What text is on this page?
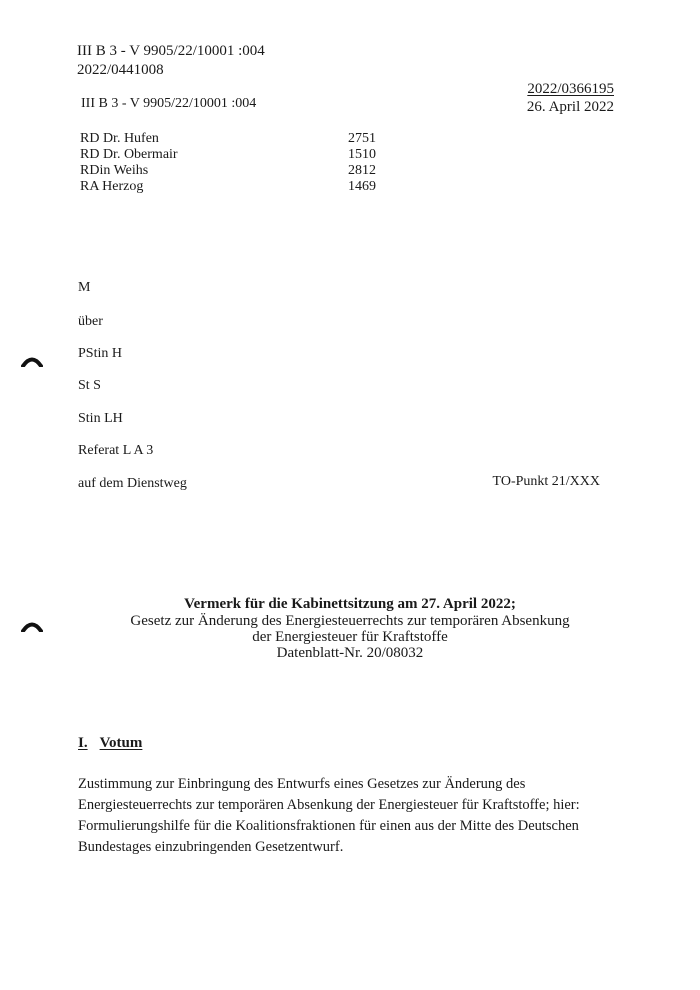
III B 3 - V 9905/22/10001 :004
2022/0441008
2022/0366195
26. April 2022
III B 3 - V 9905/22/10001 :004
RD Dr. Hufen	2751
RD Dr. Obermair	1510
RDin Weihs	2812
RA Herzog	1469
M
über
PStin H
St S
Stin LH
Referat L A 3
auf dem Dienstweg	TO-Punkt 21/XXX
Vermerk für die Kabinettsitzung am 27. April 2022;
Gesetz zur Änderung des Energiesteuerrechts zur temporären Absenkung
der Energiesteuer für Kraftstoffe
Datenblatt-Nr. 20/08032
I. Votum
Zustimmung zur Einbringung des Entwurfs eines Gesetzes zur Änderung des
Energiesteuerrechts zur temporären Absenkung der Energiesteuer für Kraftstoffe; hier:
Formulierungshilfe für die Koalitionsfraktionen für einen aus der Mitte des Deutschen
Bundestages einzubringenden Gesetzentwurf.
